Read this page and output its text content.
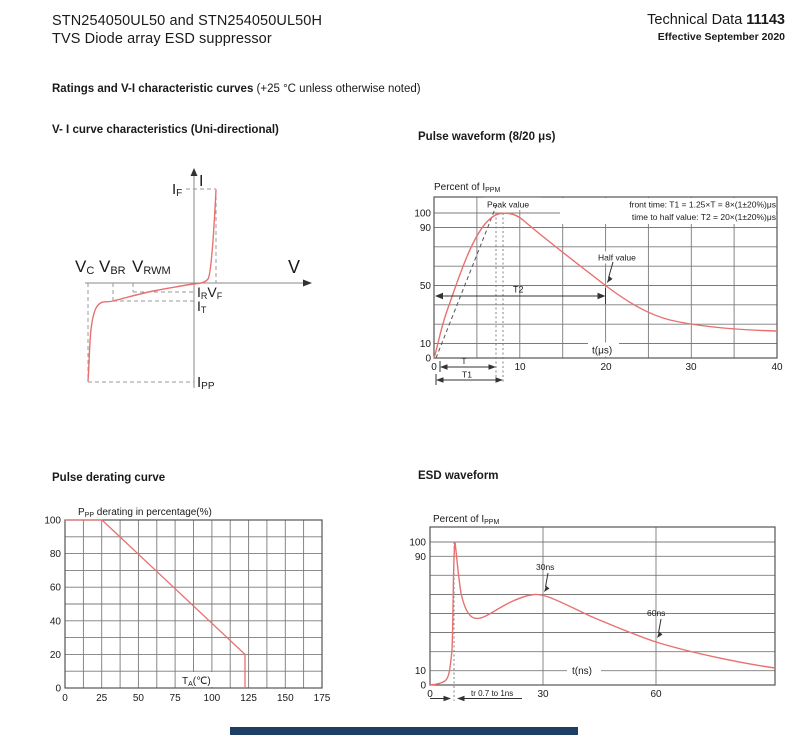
STN254050UL50 and STN254050UL50H
TVS Diode array ESD suppressor
Technical Data 11143
Effective September 2020
Ratings and V-I characteristic curves (+25 °C unless otherwise noted)
V- I curve characteristics (Uni-directional)
Pulse waveform (8/20 μs)
Pulse derating curve	ESD waveform
I
IF
V
VC VBR VRWM
IRVF
IT
IPP
T2
Half value
Peak value	front time: T1 = 1.25×T = 8×(1±20%)μs
time to half value: T2 = 20×(1±20%)μs
Percent of $I_{PPM}$
t(μs)
100
90
50
10
0
0	10	20	30	40
T
T1
$P_{PP}$ derating in percentage(%)
$T_A(℃)$
100
80
60
40
20
0
0	25	50	75 100 125 150 175
30ns
60ns
Percent of $I_{PPM}$
t(ns)
100
90
10
0
0	30	60
tr 0.7 to 1ns
